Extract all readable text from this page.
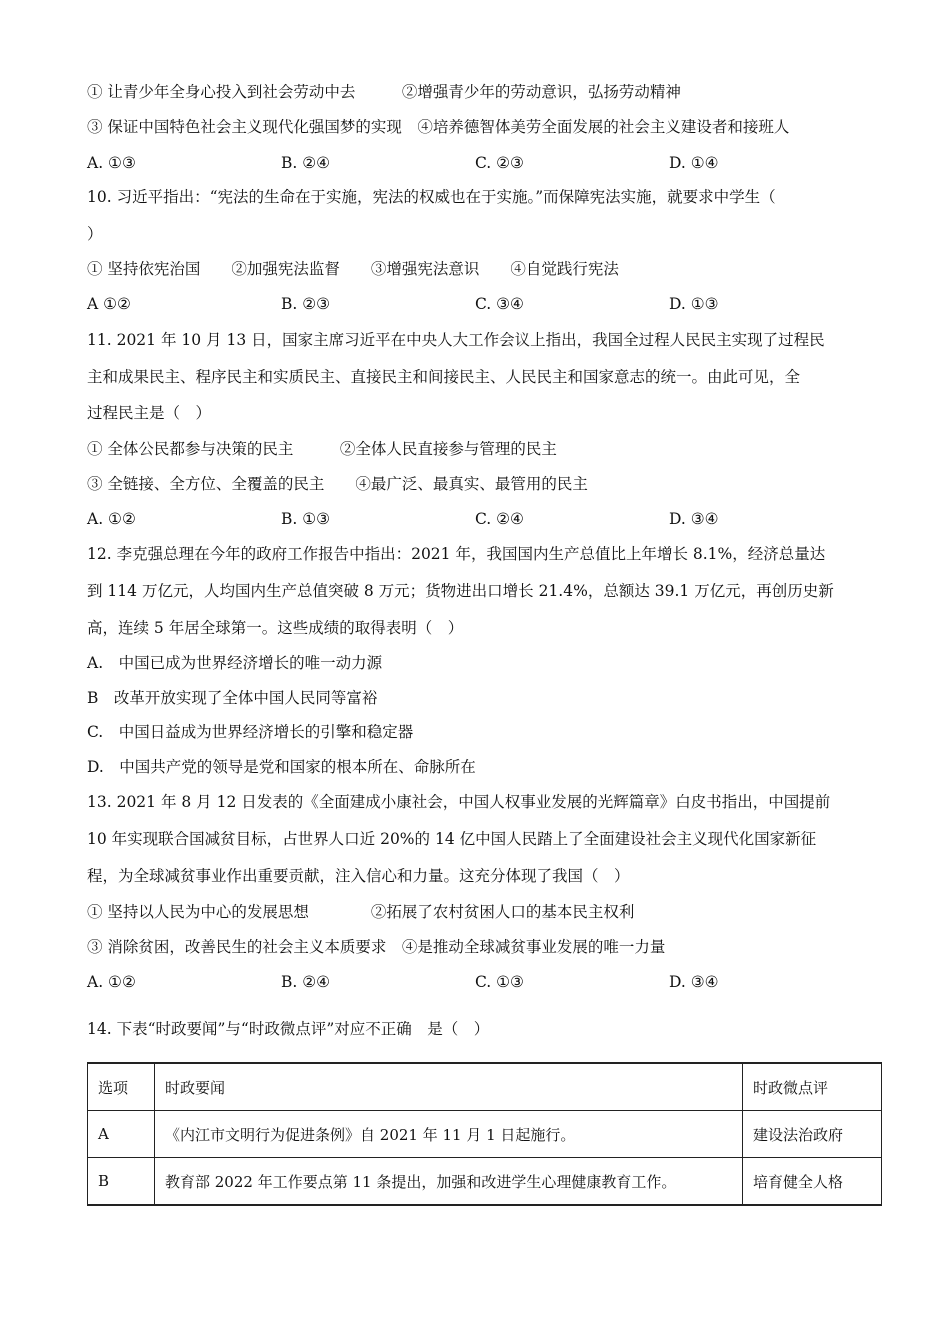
① 让青少年全身心投入到社会劳动中去　　　②增强青少年的劳动意识，弘扬劳动精神
③ 保证中国特色社会主义现代化强国梦的实现　④培养德智体美劳全面发展的社会主义建设者和接班人
A. ①③	B. ②④	C. ②③	D. ①④
10. 习近平指出：“宪法的生命在于实施，宪法的权威也在于实施。”而保障宪法实施，就要求中学生（
）
① 坚持依宪治国　　②加强宪法监督　　③增强宪法意识　　④自觉践行宪法
A ①②	B. ②③	C. ③④	D. ①③
11. 2021 年 10 月 13 日，国家主席习近平在中央人大工作会议上指出，我国全过程人民民主实现了过程民
主和成果民主、程序民主和实质民主、直接民主和间接民主、人民民主和国家意志的统一。由此可见，全
过程民主是（　）
① 全体公民都参与决策的民主　　　②全体人民直接参与管理的民主
③ 全链接、全方位、全覆盖的民主　　④最广泛、最真实、最管用的民主
A. ①②	B. ①③	C. ②④	D. ③④
12. 李克强总理在今年的政府工作报告中指出：2021 年，我国国内生产总值比上年增长 8.1%，经济总量达
到 114 万亿元，人均国内生产总值突破 8 万元；货物进出口增长 21.4%，总额达 39.1 万亿元，再创历史新
高，连续 5 年居全球第一。这些成绩的取得表明（　）
A.　中国已成为世界经济增长的唯一动力源
B　改革开放实现了全体中国人民同等富裕
C.　中国日益成为世界经济增长的引擎和稳定器
D.　中国共产党的领导是党和国家的根本所在、命脉所在
13. 2021 年 8 月 12 日发表的《全面建成小康社会，中国人权事业发展的光辉篇章》白皮书指出，中国提前
10 年实现联合国减贫目标，占世界人口近 20%的 14 亿中国人民踏上了全面建设社会主义现代化国家新征
程，为全球减贫事业作出重要贡献，注入信心和力量。这充分体现了我国（　）
① 坚持以人民为中心的发展思想　　　　②拓展了农村贫困人口的基本民主权利
③ 消除贫困，改善民生的社会主义本质要求　④是推动全球减贫事业发展的唯一力量
A. ①②	B. ②④	C. ①③	D. ③④
14. 下表“时政要闻”与“时政微点评”对应不正确　是（　）
选项	时政要闻	时政微点评
A	《内江市文明行为促进条例》自 2021 年 11 月 1 日起施行。	建设法治政府
B	教育部 2022 年工作要点第 11 条提出，加强和改进学生心理健康教育工作。	培育健全人格
